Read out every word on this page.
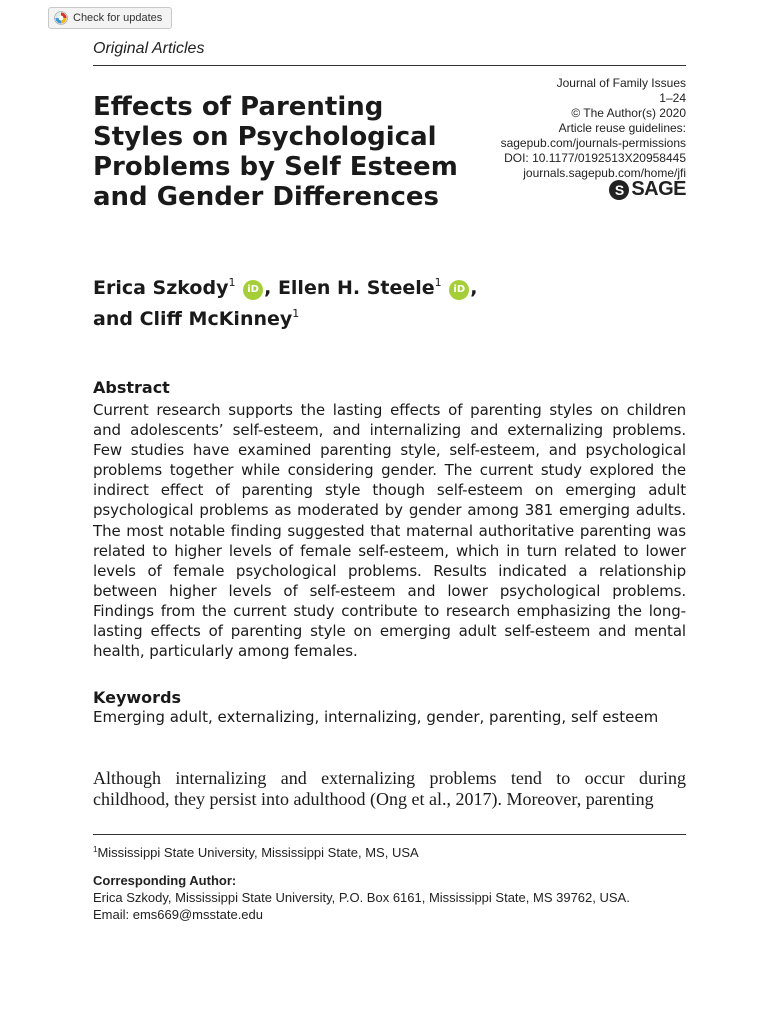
Check for updates
Original Articles
Journal of Family Issues
1–24
© The Author(s) 2020
Article reuse guidelines:
sagepub.com/journals-permissions
DOI: 10.1177/0192513X20958445
journals.sagepub.com/home/jfi
S SAGE
Effects of Parenting Styles on Psychological Problems by Self Esteem and Gender Differences
Erica Szkody$^1$ iD , Ellen H. Steele$^1$ iD ,
and Cliff McKinney$^1$
Abstract

Current research supports the lasting effects of parenting styles on children and adolescents’ self-esteem, and internalizing and externalizing problems. Few studies have examined parenting style, self-esteem, and psychological problems together while considering gender. The current study explored the indirect effect of parenting style though self-esteem on emerging adult psychological problems as moderated by gender among 381 emerging adults. The most notable finding suggested that maternal authoritative parenting was related to higher levels of female self-esteem, which in turn related to lower levels of female psychological problems. Results indicated a relationship between higher levels of self-esteem and lower psychological problems. Findings from the current study contribute to research emphasizing the long-lasting effects of parenting style on emerging adult self-esteem and mental health, particularly among females.

Keywords
Emerging adult, externalizing, internalizing, gender, parenting, self esteem

Although internalizing and externalizing problems tend to occur during childhood, they persist into adulthood (Ong et al., 2017). Moreover, parenting

$^1$Mississippi State University, Mississippi State, MS, USA
Corresponding Author:
Erica Szkody, Mississippi State University, P.O. Box 6161, Mississippi State, MS 39762, USA.
Email: ems669@msstate.edu
